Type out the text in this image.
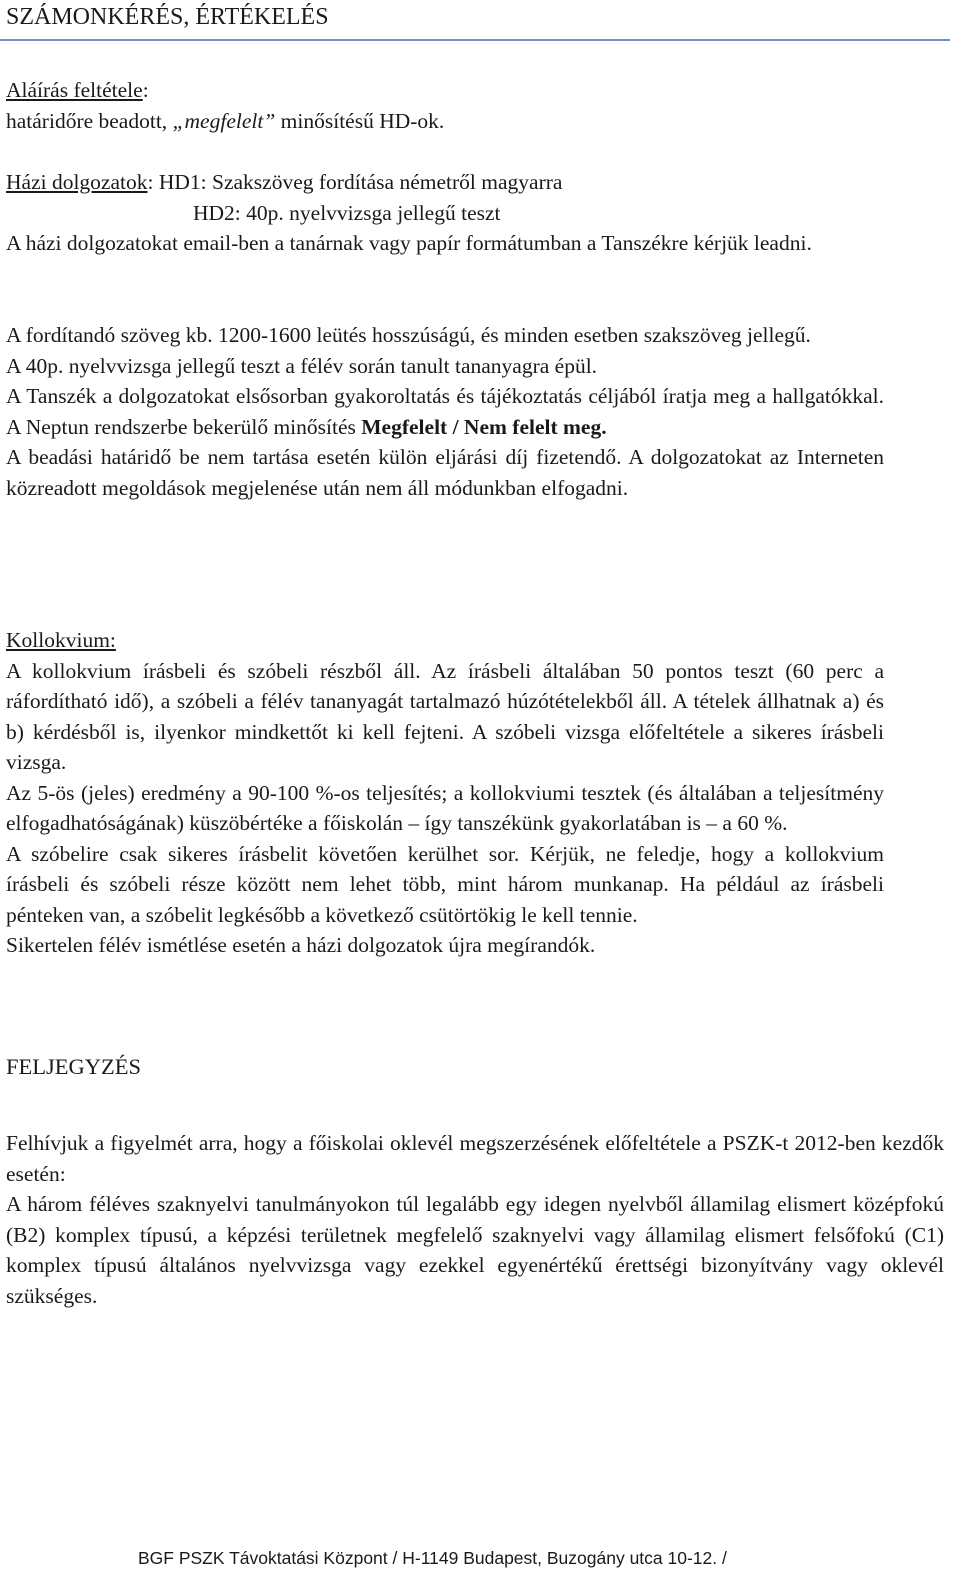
SZÁMONKÉRÉS, ÉRTÉKELÉS

Aláírás feltétele:

határidőre beadott, „megfelelt” minősítésű HD-ok.

Házi dolgozatok: HD1: Szakszöveg fordítása németről magyarra

HD2: 40p. nyelvvizsga jellegű teszt

A házi dolgozatokat email-ben a tanárnak vagy papír formátumban a Tanszékre kérjük leadni.

A fordítandó szöveg kb. 1200-1600 leütés hosszúságú, és minden esetben szakszöveg jellegű.

A 40p. nyelvvizsga jellegű teszt a félév során tanult tananyagra épül.

A Tanszék a dolgozatokat elsősorban gyakoroltatás és tájékoztatás céljából íratja meg a hallgatókkal. A Neptun rendszerbe bekerülő minősítés Megfelelt / Nem felelt meg.

A beadási határidő be nem tartása esetén külön eljárási díj fizetendő. A dolgozatokat az Interneten közreadott megoldások megjelenése után nem áll módunkban elfogadni.

Kollokvium:

A kollokvium írásbeli és szóbeli részből áll. Az írásbeli általában 50 pontos teszt (60 perc a ráfordítható idő), a szóbeli a félév tananyagát tartalmazó húzótételekből áll. A tételek állhatnak a) és b) kérdésből is, ilyenkor mindkettőt ki kell fejteni. A szóbeli vizsga előfeltétele a sikeres írásbeli vizsga.

Az 5-ös (jeles) eredmény a 90-100 %-os teljesítés; a kollokviumi tesztek (és általában a teljesítmény elfogadhatóságának) küszöbértéke a főiskolán – így tanszékünk gyakorlatában is – a 60 %.

A szóbelire csak sikeres írásbelit követően kerülhet sor. Kérjük, ne feledje, hogy a kollokvium írásbeli és szóbeli része között nem lehet több, mint három munkanap. Ha például az írásbeli pénteken van, a szóbelit legkésőbb a következő csütörtökig le kell tennie.

Sikertelen félév ismétlése esetén a házi dolgozatok újra megírandók.

FELJEGYZÉS

Felhívjuk a figyelmét arra, hogy a főiskolai oklevél megszerzésének előfeltétele a PSZK-t 2012-ben kezdők esetén:

A három féléves szaknyelvi tanulmányokon túl legalább egy idegen nyelvből államilag elismert középfokú (B2) komplex típusú, a képzési területnek megfelelő szaknyelvi vagy államilag elismert felsőfokú (C1) komplex típusú általános nyelvvizsga vagy ezekkel egyenértékű érettségi bizonyítvány vagy oklevél szükséges.

BGF PSZK Távoktatási Központ / H-1149 Budapest, Buzogány utca 10-12. /
